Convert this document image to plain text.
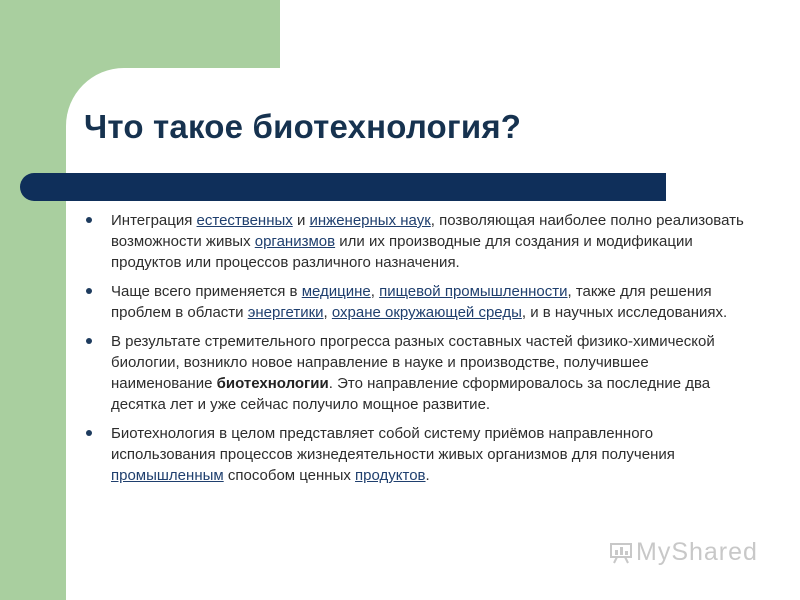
Что такое биотехнология?
Интеграция естественных и инженерных наук, позволяющая наиболее полно реализовать возможности живых организмов или их производные для создания и модификации продуктов или процессов различного назначения.
Чаще всего применяется в медицине, пищевой промышленности, также для решения проблем в области энергетики, охране окружающей среды, и в научных исследованиях.
В результате стремительного прогресса разных составных частей физико-химической биологии, возникло новое направление в науке и производстве, получившее наименование биотехнологии. Это направление сформировалось за последние два десятка лет и уже сейчас получило мощное развитие.
Биотехнология в целом представляет собой систему приёмов направленного использования процессов жизнедеятельности живых организмов для получения промышленным способом ценных продуктов.
MyShared
